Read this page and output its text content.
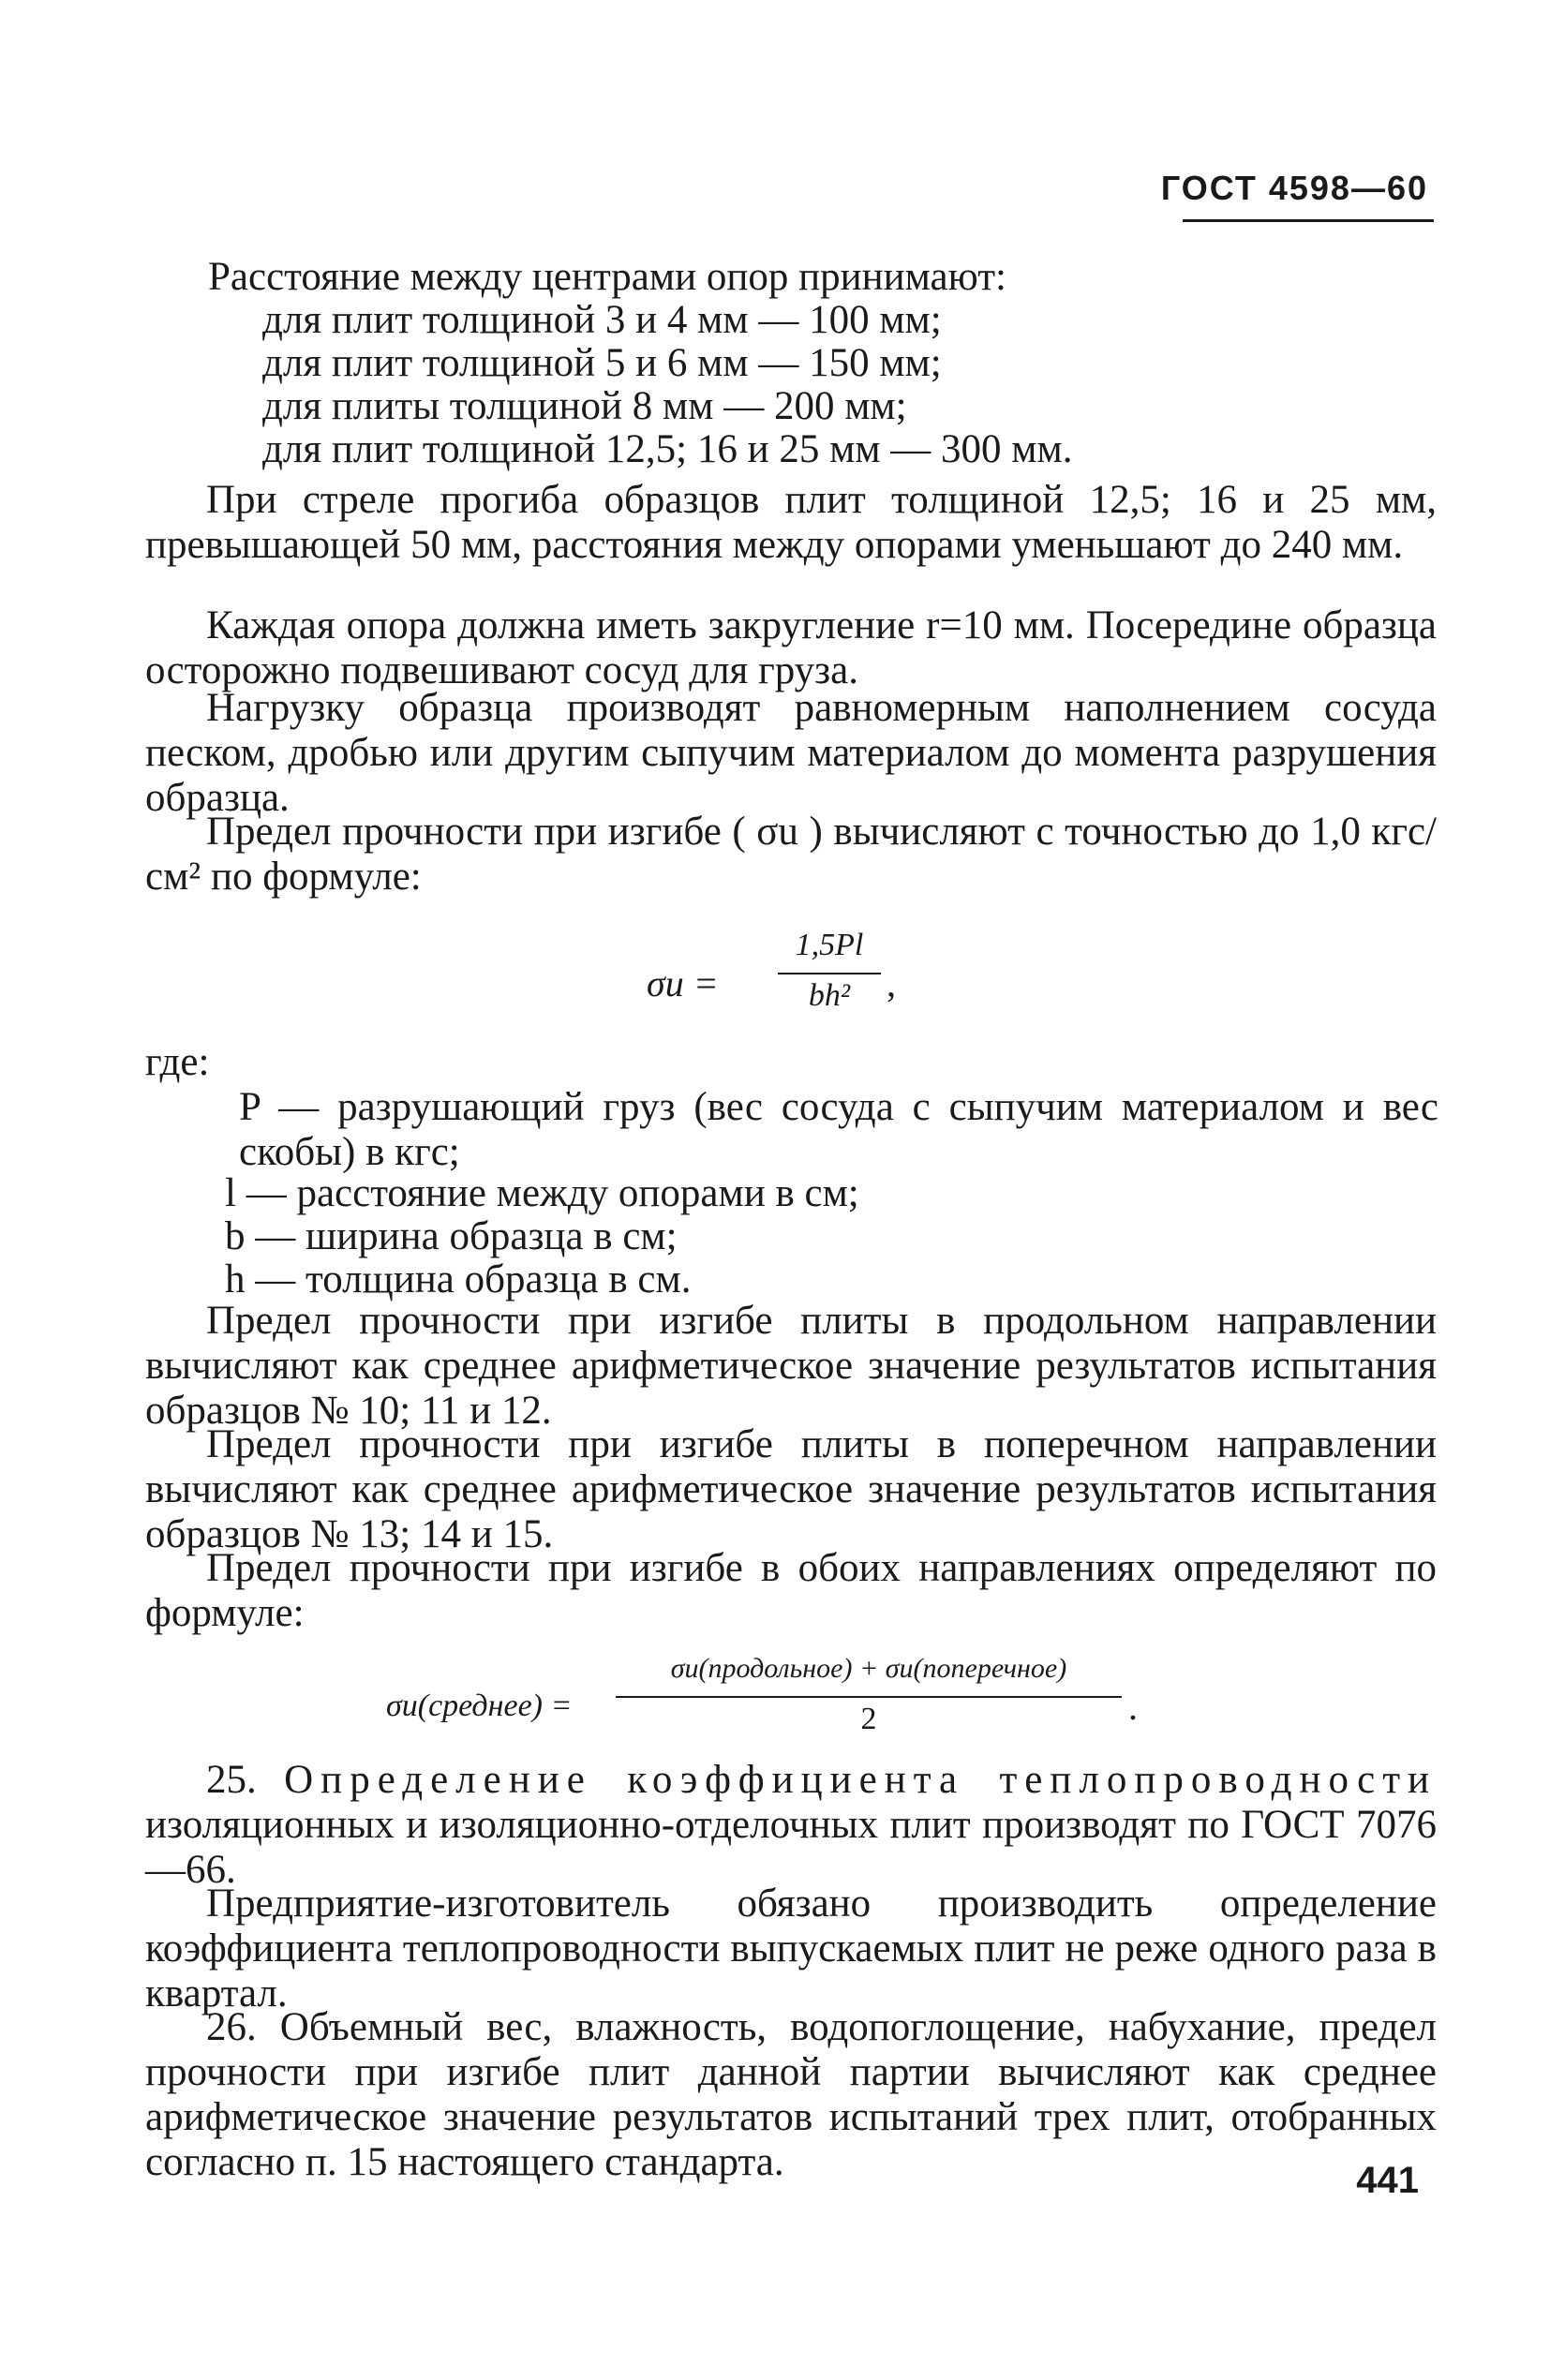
ГОСТ 4598—60
Расстояние между центрами опор принимают:
для плит толщиной 3 и 4 мм — 100 мм;
для плит толщиной 5 и 6 мм — 150 мм;
для плиты толщиной 8 мм — 200 мм;
для плит толщиной 12,5; 16 и 25 мм — 300 мм.
При стреле прогиба образцов плит толщиной 12,5; 16 и 25 мм, превышающей 50 мм, расстояния между опорами уменьшают до 240 мм.
Каждая опора должна иметь закругление r=10 мм. Посередине образца осторожно подвешивают сосуд для груза.
Нагрузку образца производят равномерным наполнением сосуда песком, дробью или другим сыпучим материалом до момента разрушения образца.
Предел прочности при изгибе ( σu ) вычисляют с точностью до 1,0 кгс/см² по формуле:
σu =
1,5Pl
bh² ,
где:
P — разрушающий груз (вес сосуда с сыпучим материалом и вес скобы) в кгс;
l — расстояние между опорами в см;
b — ширина образца в см;
h — толщина образца в см.
Предел прочности при изгибе плиты в продольном направлении вычисляют как среднее арифметическое значение результатов испытания образцов № 10; 11 и 12.
Предел прочности при изгибе плиты в поперечном направлении вычисляют как среднее арифметическое значение результатов испытания образцов № 13; 14 и 15.
Предел прочности при изгибе в обоих направлениях определяют по формуле:
σu(среднее) =
σu(продольное) + σu(поперечное)
2	.
25. Определение коэффициента теплопроводности изоляционных и изоляционно-отделочных плит производят по ГОСТ 7076—66.
Предприятие-изготовитель обязано производить определение коэффициента теплопроводности выпускаемых плит не реже одного раза в квартал.
26. Объемный вес, влажность, водопоглощение, набухание, предел прочности при изгибе плит данной партии вычисляют как среднее арифметическое значение результатов испытаний трех плит, отобранных согласно п. 15 настоящего стандарта.	441
